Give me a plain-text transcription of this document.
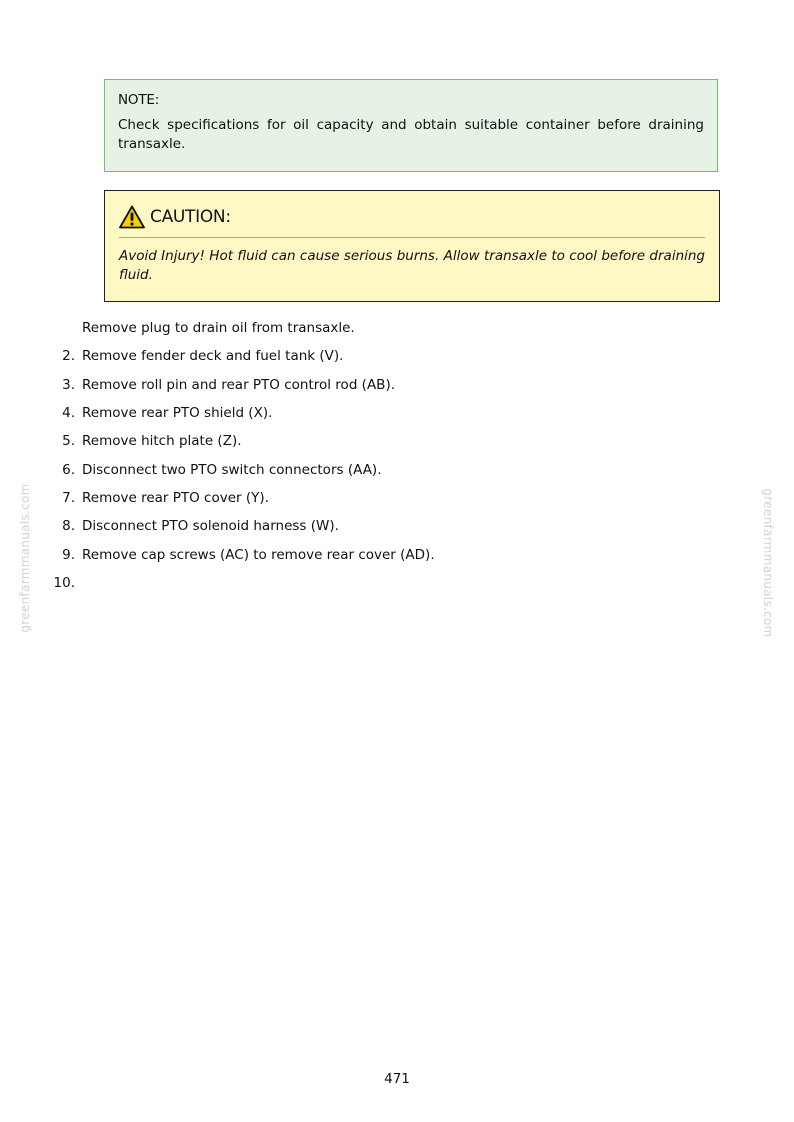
NOTE:

Check specifications for oil capacity and obtain suitable container before draining transaxle.

CAUTION:

Avoid Injury! Hot fluid can cause serious burns. Allow transaxle to cool before draining fluid.

Remove plug to drain oil from transaxle.
2. Remove fender deck and fuel tank (V).
3. Remove roll pin and rear PTO control rod (AB).
4. Remove rear PTO shield (X).
5. Remove hitch plate (Z).
6. Disconnect two PTO switch connectors (AA).
7. Remove rear PTO cover (Y).
8. Disconnect PTO solenoid harness (W).
9. Remove cap screws (AC) to remove rear cover (AD).
10.
greenfarmmanuals.com	greenfarmmanuals.com
471
